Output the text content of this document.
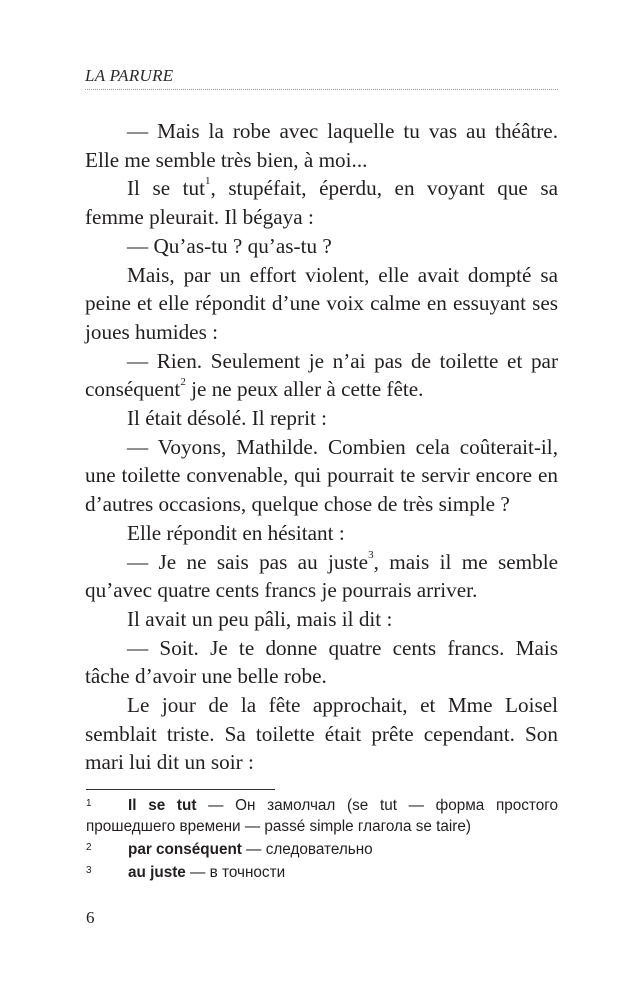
LA PARURE

— Mais la robe avec laquelle tu vas au théâtre. Elle me semble très bien, à moi...

Il se tut$^1$, stupéfait, éperdu, en voyant que sa femme pleurait. Il bégaya :

— Qu’as-tu ? qu’as-tu ?

Mais, par un effort violent, elle avait dompté sa peine et elle répondit d’une voix calme en essuyant ses joues humides :

— Rien. Seulement je n’ai pas de toilette et par conséquent$^2$ je ne peux aller à cette fête.

Il était désolé. Il reprit :

— Voyons, Mathilde. Combien cela coûterait-il, une toilette convenable, qui pourrait te servir encore en d’autres occasions, quelque chose de très simple ?

Elle répondit en hésitant :

— Je ne sais pas au juste$^3$, mais il me semble qu’avec quatre cents francs je pourrais arriver.

Il avait un peu pâli, mais il dit :

— Soit. Je te donne quatre cents francs. Mais tâche d’avoir une belle robe.

Le jour de la fête approchait, et Mme Loisel semblait triste. Sa toilette était prête cependant. Son mari lui dit un soir :

1 Il se tut — Он замолчал (se tut — форма простого прошедшего времени — passé simple глагола se taire)

2 par conséquent — следовательно

3 au juste — в точности

6
